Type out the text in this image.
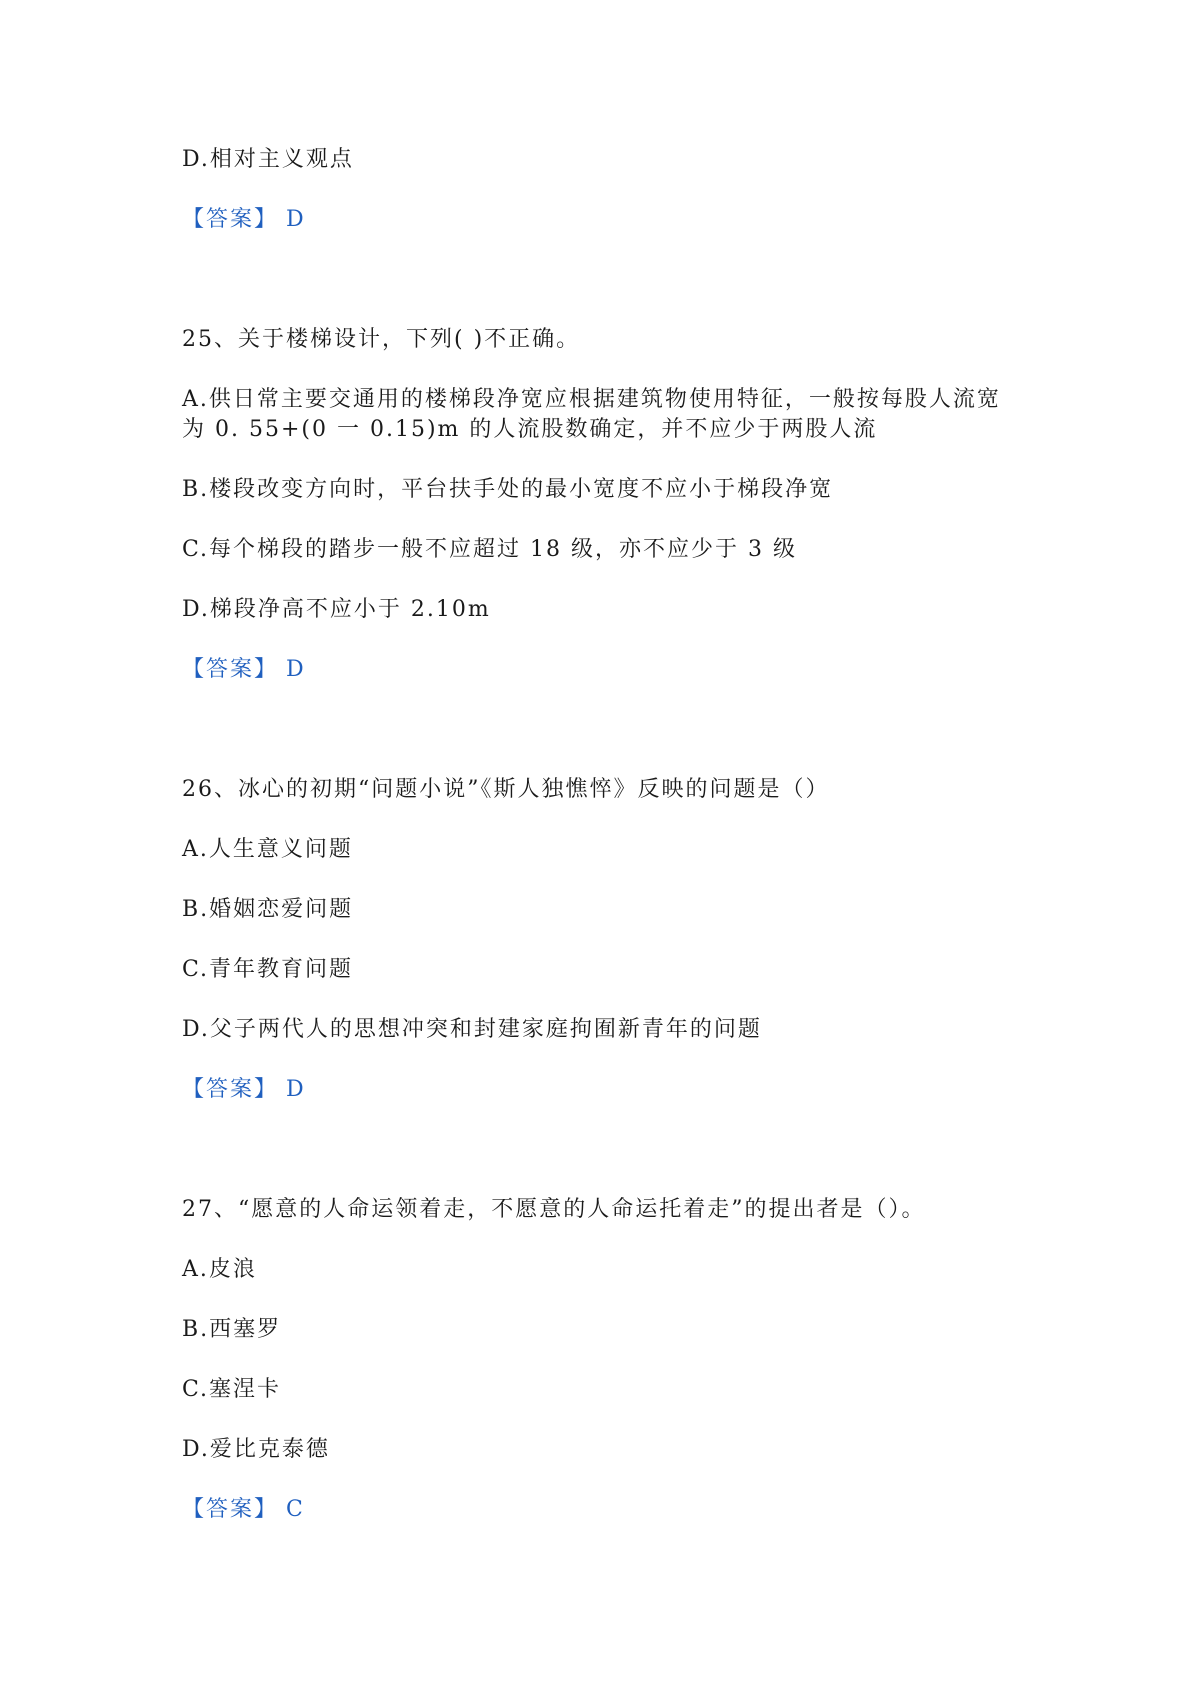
D.相对主义观点
【答案】 D
25、关于楼梯设计，下列( )不正确。
A.供日常主要交通用的楼梯段净宽应根据建筑物使用特征，一般按每股人流宽
为 0. 55+(0 一 0.15)m 的人流股数确定，并不应少于两股人流
B.楼段改变方向时，平台扶手处的最小宽度不应小于梯段净宽
C.每个梯段的踏步一般不应超过 18 级，亦不应少于 3 级
D.梯段净高不应小于 2.10m
【答案】 D
26、冰心的初期“问题小说”《斯人独憔悴》反映的问题是（）
A.人生意义问题
B.婚姻恋爱问题
C.青年教育问题
D.父子两代人的思想冲突和封建家庭拘囿新青年的问题
【答案】 D
27、“愿意的人命运领着走，不愿意的人命运托着走”的提出者是（）。
A.皮浪
B.西塞罗
C.塞涅卡
D.爱比克泰德
【答案】 C
